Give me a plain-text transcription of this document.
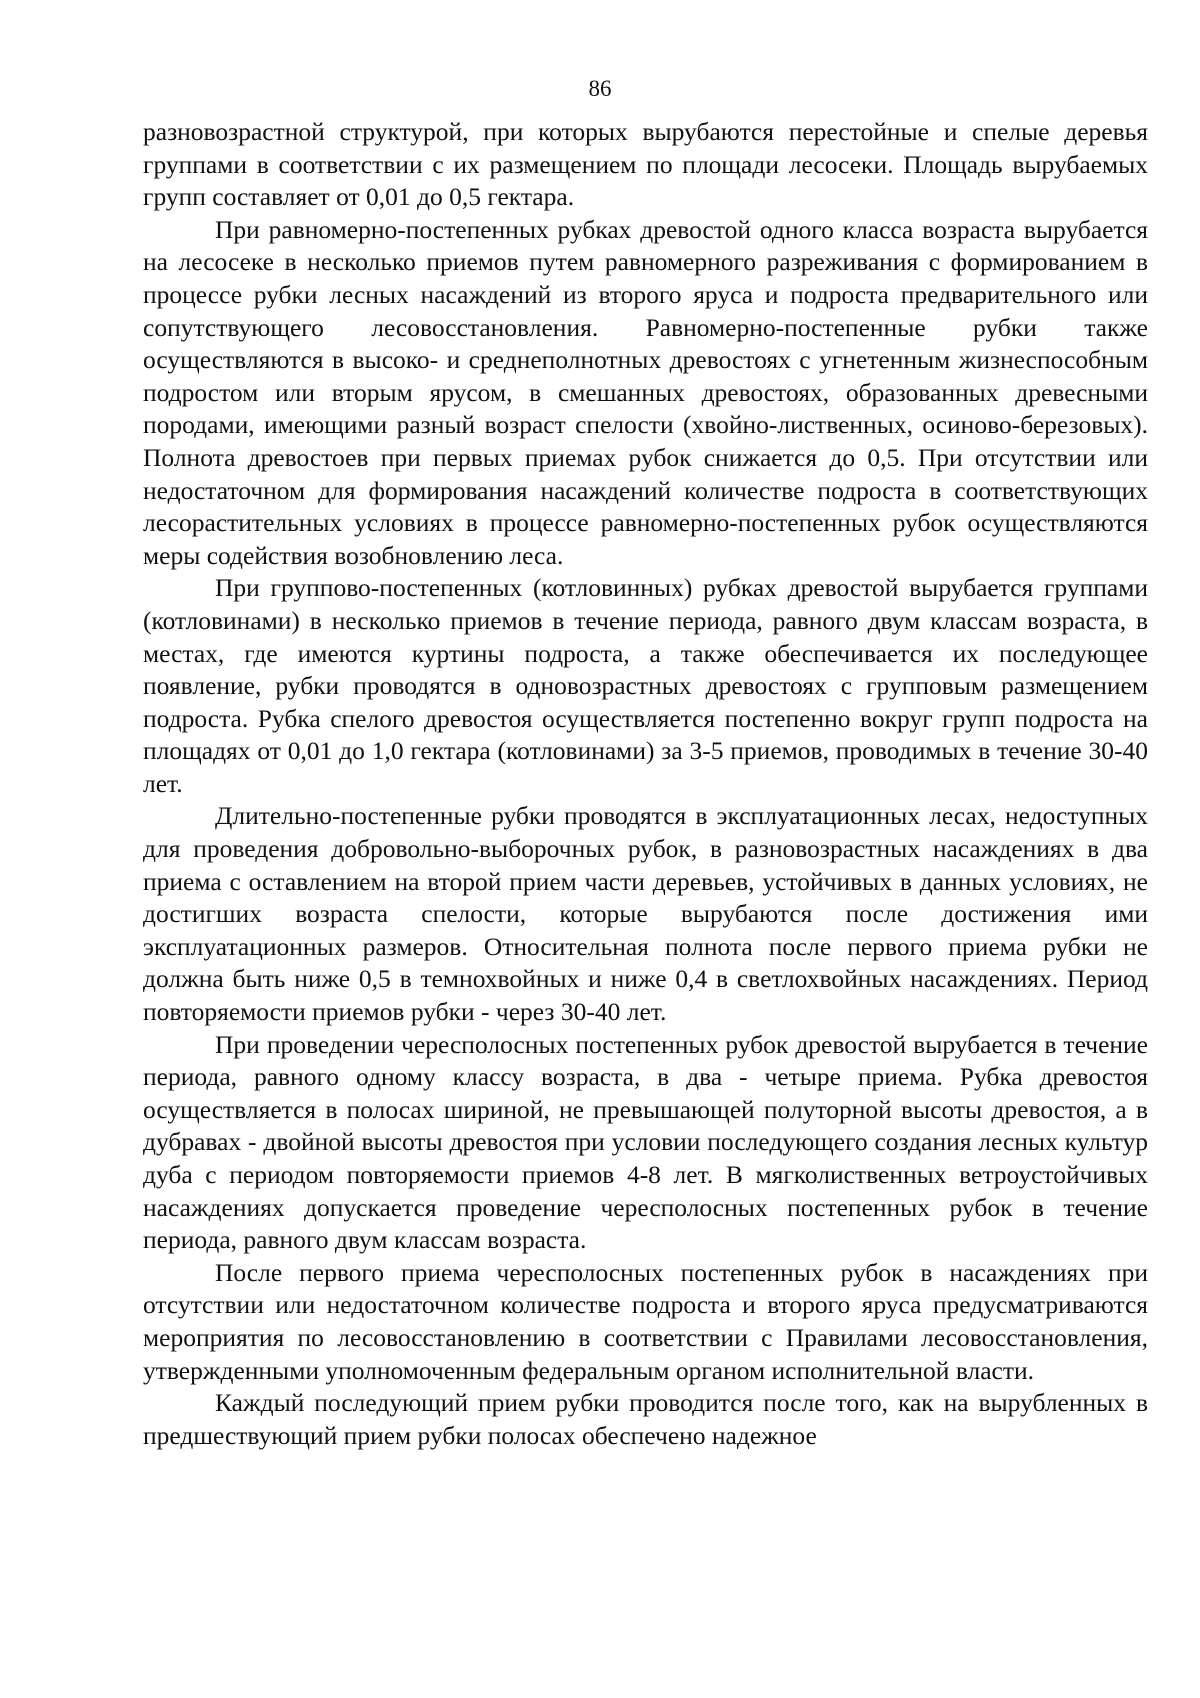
86

разновозрастной структурой, при которых вырубаются перестойные и спелые деревья группами в соответствии с их размещением по площади лесосеки. Площадь вырубаемых групп составляет от 0,01 до 0,5 гектара.

При равномерно-постепенных рубках древостой одного класса возраста вырубается на лесосеке в несколько приемов путем равномерного разреживания с формированием в процессе рубки лесных насаждений из второго яруса и подроста предварительного или сопутствующего лесовосстановления. Равномерно-постепенные рубки также осуществляются в высоко- и среднеполнотных древостоях с угнетенным жизнеспособным подростом или вторым ярусом, в смешанных древостоях, образованных древесными породами, имеющими разный возраст спелости (хвойно-лиственных, осиново-березовых). Полнота древостоев при первых приемах рубок снижается до 0,5. При отсутствии или недостаточном для формирования насаждений количестве подроста в соответствующих лесорастительных условиях в процессе равномерно-постепенных рубок осуществляются меры содействия возобновлению леса.

При группово-постепенных (котловинных) рубках древостой вырубается группами (котловинами) в несколько приемов в течение периода, равного двум классам возраста, в местах, где имеются куртины подроста, а также обеспечивается их последующее появление, рубки проводятся в одновозрастных древостоях с групповым размещением подроста. Рубка спелого древостоя осуществляется постепенно вокруг групп подроста на площадях от 0,01 до 1,0 гектара (котловинами) за 3-5 приемов, проводимых в течение 30-40 лет.

Длительно-постепенные рубки проводятся в эксплуатационных лесах, недоступных для проведения добровольно-выборочных рубок, в разновозрастных насаждениях в два приема с оставлением на второй прием части деревьев, устойчивых в данных условиях, не достигших возраста спелости, которые вырубаются после достижения ими эксплуатационных размеров. Относительная полнота после первого приема рубки не должна быть ниже 0,5 в темнохвойных и ниже 0,4 в светлохвойных насаждениях. Период повторяемости приемов рубки - через 30-40 лет.

При проведении чересполосных постепенных рубок древостой вырубается в течение периода, равного одному классу возраста, в два - четыре приема. Рубка древостоя осуществляется в полосах шириной, не превышающей полуторной высоты древостоя, а в дубравах - двойной высоты древостоя при условии последующего создания лесных культур дуба с периодом повторяемости приемов 4-8 лет. В мягколиственных ветроустойчивых насаждениях допускается проведение чересполосных постепенных рубок в течение периода, равного двум классам возраста.

После первого приема чересполосных постепенных рубок в насаждениях при отсутствии или недостаточном количестве подроста и второго яруса предусматриваются мероприятия по лесовосстановлению в соответствии с Правилами лесовосстановления, утвержденными уполномоченным федеральным органом исполнительной власти.

Каждый последующий прием рубки проводится после того, как на вырубленных в предшествующий прием рубки полосах обеспечено надежное
